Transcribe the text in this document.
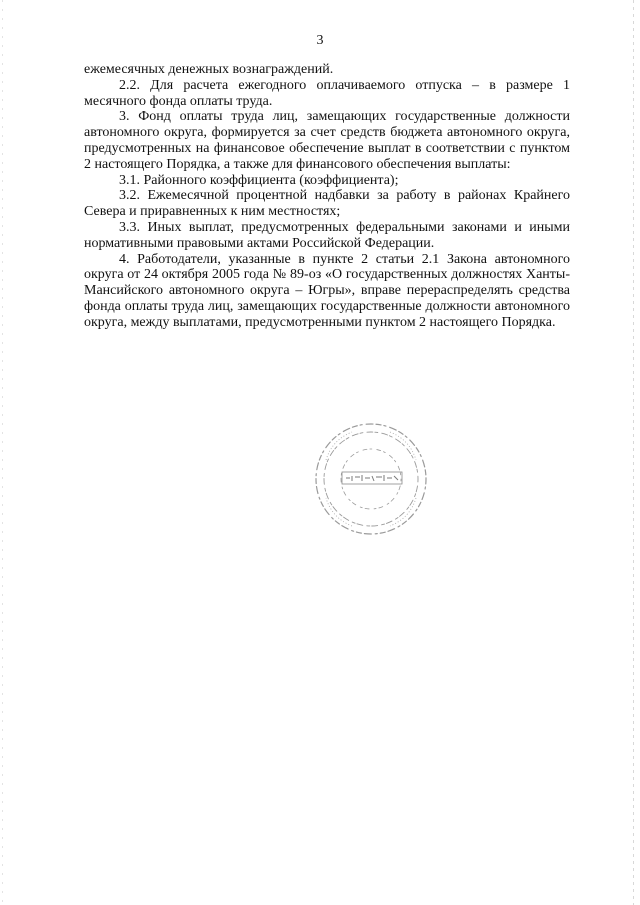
3

ежемесячных денежных вознаграждений.

2.2. Для расчета ежегодного оплачиваемого отпуска – в размере 1 месячного фонда оплаты труда.

3. Фонд оплаты труда лиц, замещающих государственные должности автономного округа, формируется за счет средств бюджета автономного округа, предусмотренных на финансовое обеспечение выплат в соответствии с пунктом 2 настоящего Порядка, а также для финансового обеспечения выплаты:

3.1. Районного коэффициента (коэффициента);

3.2. Ежемесячной процентной надбавки за работу в районах Крайнего Севера и приравненных к ним местностях;

3.3. Иных выплат, предусмотренных федеральными законами и иными нормативными правовыми актами Российской Федерации.

4. Работодатели, указанные в пункте 2 статьи 2.1 Закона автономного округа от 24 октября 2005 года № 89-оз «О государственных должностях Ханты-Мансийского автономного округа – Югры», вправе перераспределять средства фонда оплаты труда лиц, замещающих государственные должности автономного округа, между выплатами, предусмотренными пунктом 2 настоящего Порядка.
